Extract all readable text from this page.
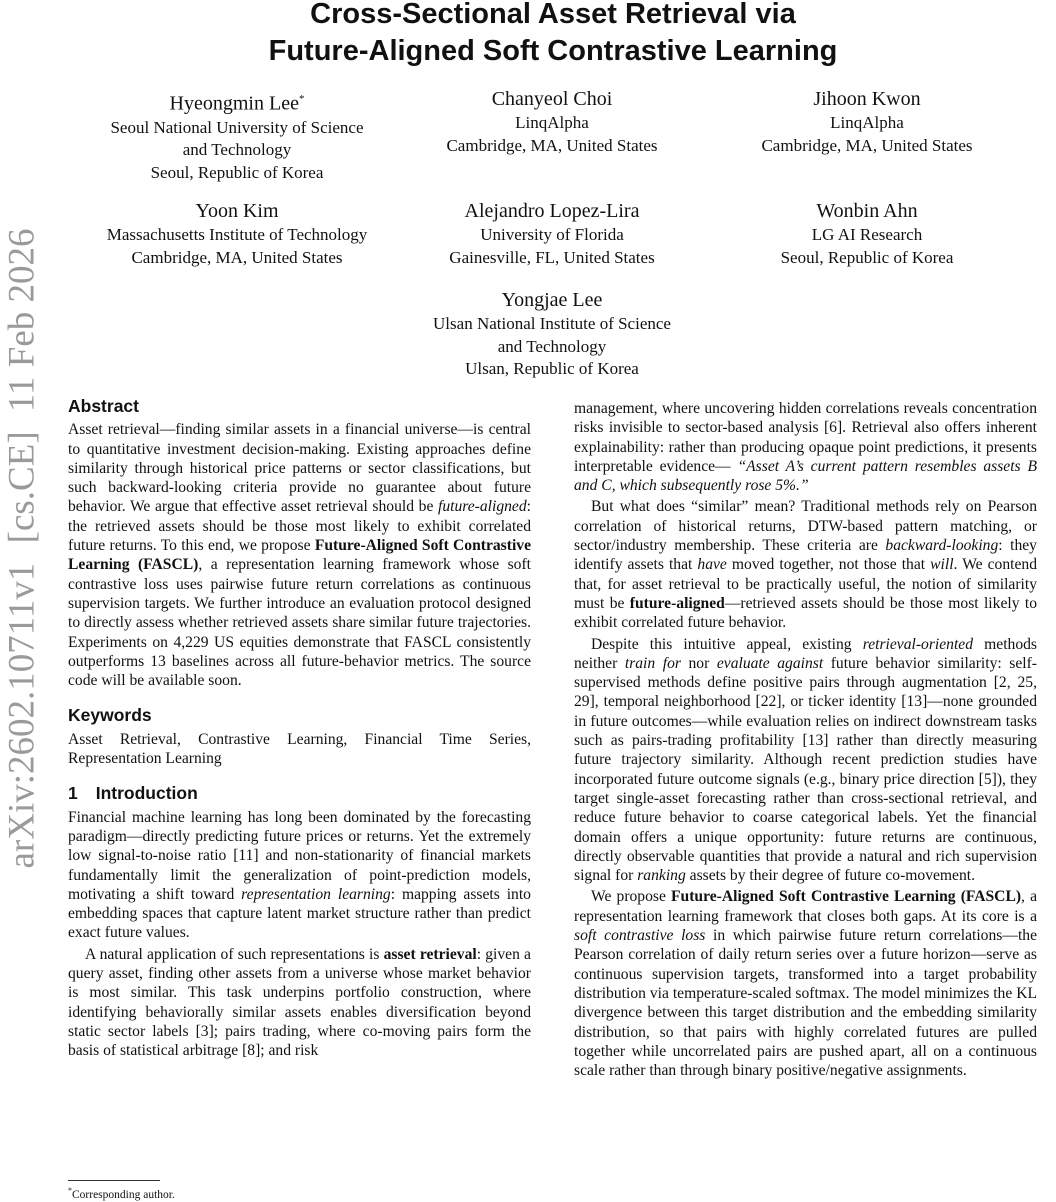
arXiv:2602.10711v1 [cs.CE] 11 Feb 2026
Cross-Sectional Asset Retrieval via
Future-Aligned Soft Contrastive Learning
Hyeongmin Lee*
Seoul National University of Science
and Technology
Seoul, Republic of Korea
Chanyeol Choi
LinqAlpha
Cambridge, MA, United States
Jihoon Kwon
LinqAlpha
Cambridge, MA, United States
Yoon Kim
Massachusetts Institute of Technology
Cambridge, MA, United States
Alejandro Lopez-Lira
University of Florida
Gainesville, FL, United States
Wonbin Ahn
LG AI Research
Seoul, Republic of Korea
Yongjae Lee
Ulsan National Institute of Science
and Technology
Ulsan, Republic of Korea
Abstract

Asset retrieval—finding similar assets in a financial universe—is central to quantitative investment decision-making. Existing approaches define similarity through historical price patterns or sector classifications, but such backward-looking criteria provide no guarantee about future behavior. We argue that effective asset retrieval should be future-aligned: the retrieved assets should be those most likely to exhibit correlated future returns. To this end, we propose Future-Aligned Soft Contrastive Learning (FASCL), a representation learning framework whose soft contrastive loss uses pairwise future return correlations as continuous supervision targets. We further introduce an evaluation protocol designed to directly assess whether retrieved assets share similar future trajectories. Experiments on 4,229 US equities demonstrate that FASCL consistently outperforms 13 baselines across all future-behavior metrics. The source code will be available soon.

Keywords

Asset Retrieval, Contrastive Learning, Financial Time Series, Representation Learning

1 Introduction

Financial machine learning has long been dominated by the forecasting paradigm—directly predicting future prices or returns. Yet the extremely low signal-to-noise ratio [11] and non-stationarity of financial markets fundamentally limit the generalization of point-prediction models, motivating a shift toward representation learning: mapping assets into embedding spaces that capture latent market structure rather than predict exact future values.

A natural application of such representations is asset retrieval: given a query asset, finding other assets from a universe whose market behavior is most similar. This task underpins portfolio construction, where identifying behaviorally similar assets enables diversification beyond static sector labels [3]; pairs trading, where co-moving pairs form the basis of statistical arbitrage [8]; and risk

management, where uncovering hidden correlations reveals concentration risks invisible to sector-based analysis [6]. Retrieval also offers inherent explainability: rather than producing opaque point predictions, it presents interpretable evidence— “Asset A’s current pattern resembles assets B and C, which subsequently rose 5%.”

But what does “similar” mean? Traditional methods rely on Pearson correlation of historical returns, DTW-based pattern matching, or sector/industry membership. These criteria are backward-looking: they identify assets that have moved together, not those that will. We contend that, for asset retrieval to be practically useful, the notion of similarity must be future-aligned—retrieved assets should be those most likely to exhibit correlated future behavior.

Despite this intuitive appeal, existing retrieval-oriented methods neither train for nor evaluate against future behavior similarity: self-supervised methods define positive pairs through augmentation [2, 25, 29], temporal neighborhood [22], or ticker identity [13]—none grounded in future outcomes—while evaluation relies on indirect downstream tasks such as pairs-trading profitability [13] rather than directly measuring future trajectory similarity. Although recent prediction studies have incorporated future outcome signals (e.g., binary price direction [5]), they target single-asset forecasting rather than cross-sectional retrieval, and reduce future behavior to coarse categorical labels. Yet the financial domain offers a unique opportunity: future returns are continuous, directly observable quantities that provide a natural and rich supervision signal for ranking assets by their degree of future co-movement.

We propose Future-Aligned Soft Contrastive Learning (FASCL), a representation learning framework that closes both gaps. At its core is a soft contrastive loss in which pairwise future return correlations—the Pearson correlation of daily return series over a future horizon—serve as continuous supervision targets, transformed into a target probability distribution via temperature-scaled softmax. The model minimizes the KL divergence between this target distribution and the embedding similarity distribution, so that pairs with highly correlated futures are pulled together while uncorrelated pairs are pushed apart, all on a continuous scale rather than through binary positive/negative assignments.

*Corresponding author.
